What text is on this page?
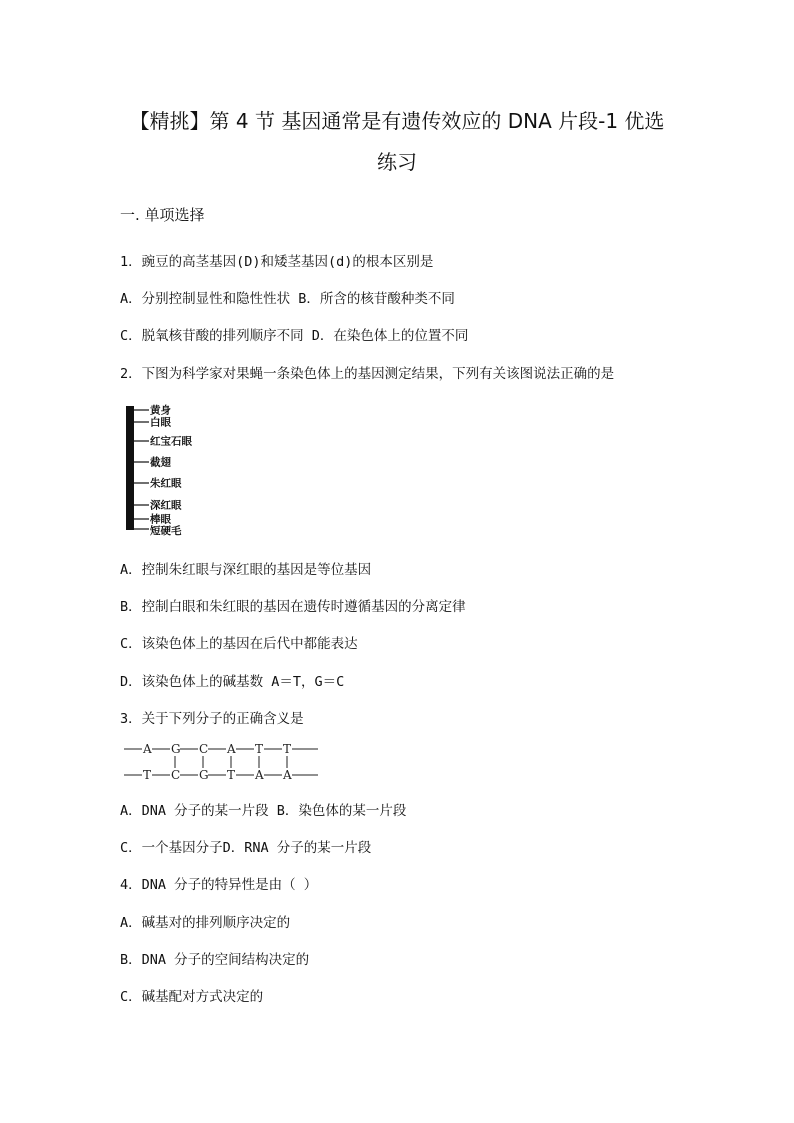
【精挑】第 4 节 基因通常是有遗传效应的 DNA 片段-1 优选
练习
一. 单项选择
1．豌豆的高茎基因(D)和矮茎基因(d)的根本区别是
A．分别控制显性和隐性性状 B．所含的核苷酸种类不同
C．脱氧核苷酸的排列顺序不同 D．在染色体上的位置不同
2．下图为科学家对果蝇一条染色体上的基因测定结果，下列有关该图说法正确的是
黄身
白眼
红宝石眼
截翅
朱红眼
深红眼
棒眼
短硬毛
A．控制朱红眼与深红眼的基因是等位基因
B．控制白眼和朱红眼的基因在遗传时遵循基因的分离定律
C．该染色体上的基因在后代中都能表达
D．该染色体上的碱基数 A＝T，G＝C
3．关于下列分子的正确含义是
A G C A T T
T C G T A A
A．DNA 分子的某一片段 B．染色体的某一片段
C．一个基因分子D．RNA 分子的某一片段
4．DNA 分子的特异性是由（ ）
A．碱基对的排列顺序决定的
B．DNA 分子的空间结构决定的
C．碱基配对方式决定的
